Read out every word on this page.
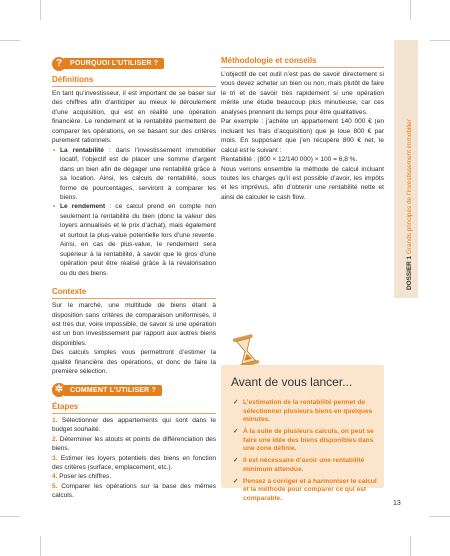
?	POURQUOI L’UTILISER ?
Définitions

En tant qu’investisseur, il est important de se baser sur des chiffres afin d’anticiper au mieux le déroulement d’une acquisition, qui est en réalité une opération financière. Le rendement et la rentabilité permettent de comparer les opérations, en se basant sur des critères purement rationnels.

• La rentabilité : dans l’investissement immobilier locatif, l’objectif est de placer une somme d’argent dans un bien afin de dégager une rentabilité grâce à sa location. Ainsi, les calculs de rentabilité, sous forme de pourcentages, serviront à comparer les biens.
• Le rendement : ce calcul prend en compte non seulement la rentabilité du bien (donc la valeur des loyers annualisés et le prix d’achat), mais également et surtout la plus-value potentielle lors d’une revente. Ainsi, en cas de plus-value, le rendement sera supérieur à la rentabilité, à savoir que le gros d’une opération peut être réalisé grâce à la revalorisation ou du des biens.
Contexte

Sur le marché, une multitude de biens étant à disposition sans critères de comparaison uniformisés, il est très dur, voire impossible, de savoir si une opération est un bon investissement par rapport aux autres biens disponibles.

Des calculs simples vous permettront d’estimer la qualité financière des opérations, et donc de faire la première sélection.

✲ COMMENT L’UTILISER ?
Étapes

1. Sélectionner des appartements qui sont dans le budget souhaité.

2. Déterminer les atouts et points de différenciation des biens.

3. Estimer les loyers potentiels des biens en fonction des critères (surface, emplacement, etc.).

4. Poser les chiffres.

5. Comparer les opérations sur la base des mêmes calculs.

Méthodologie et conseils

L’objectif de cet outil n’est pas de savoir directement si vous devez acheter un bien ou non, mais plutôt de faire le tri et de savoir très rapidement si une opération mérite une étude beaucoup plus minutieuse, car ces analyses prennent du temps pour être qualitatives.

Par exemple : j’achète un appartement 140 000 € (en incluant les frais d’acquisition) que je loue 800 € par mois. En supposant que j’en récupère 800 € net, le calcul est le suivant :

Rentabilité : (800 × 12/140 000) × 100 = 6,8 %.

Nous verrons ensemble la méthode de calcul incluant toutes les charges qu’il est possible d’avoir, les impôts et les imprévus, afin d’obtenir une rentabilité nette et ainsi de calculer le cash flow.

Avant de vous lancer...
✓ L’estimation de la rentabilité permet de sélectionner plusieurs biens en quelques minutes.
✓ À la suite de plusieurs calculs, on peut se faire une idée des biens disponibles dans une zone définie.
✓ Il est nécessaire d’avoir une rentabilité minimum attendue.
✓ Pensez à corriger et à harmoniser le calcul et la méthode pour comparer ce qui est comparable.
DOSSIER 1 Grands principes de l’investissement immobilier
13
